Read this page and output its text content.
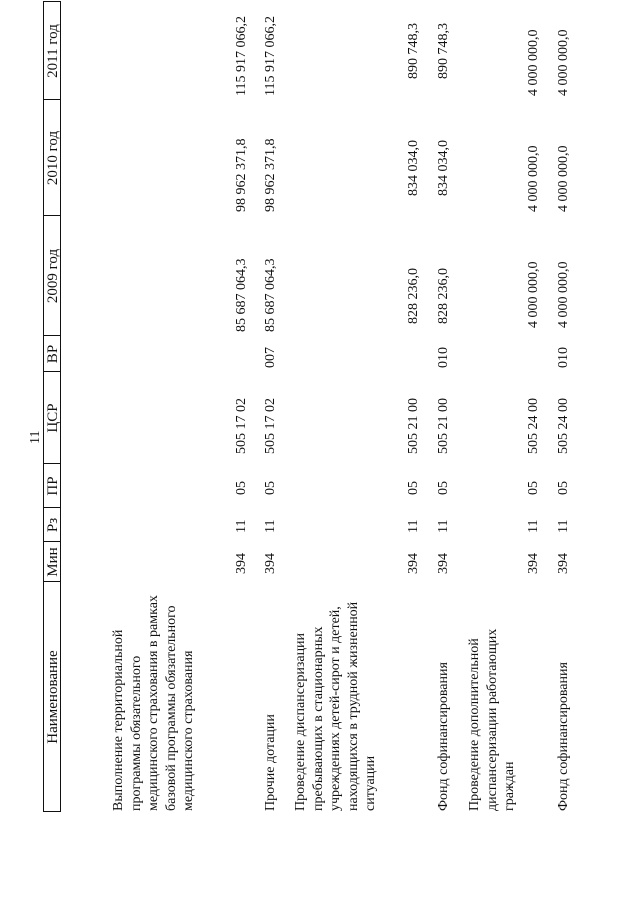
11
Наименование
Мин
Рз
ПР
ЦСР
ВР
2009 год
2010 год
2011 год
Выполнение территориальной программы обязательного медицинского страхования в рамках базовой программы обязательного медицинского страхования
394
11
05
505 17 02
85 687 064,3
98 962 371,8
115 917 066,2
Прочие дотации
394
11
05
505 17 02
007
85 687 064,3
98 962 371,8
115 917 066,2
Проведение диспансеризации пребывающих в стационарных учреждениях детей-сирот и детей, находящихся в трудной жизненной ситуации
394
11
05
505 21 00
828 236,0
834 034,0
890 748,3
Фонд софинансирования
394
11
05
505 21 00
010
828 236,0
834 034,0
890 748,3
Проведение дополнительной диспансеризации работающих граждан
394
11
05
505 24 00
4 000 000,0
4 000 000,0
4 000 000,0
Фонд софинансирования
394
11
05
505 24 00
010
4 000 000,0
4 000 000,0
4 000 000,0
